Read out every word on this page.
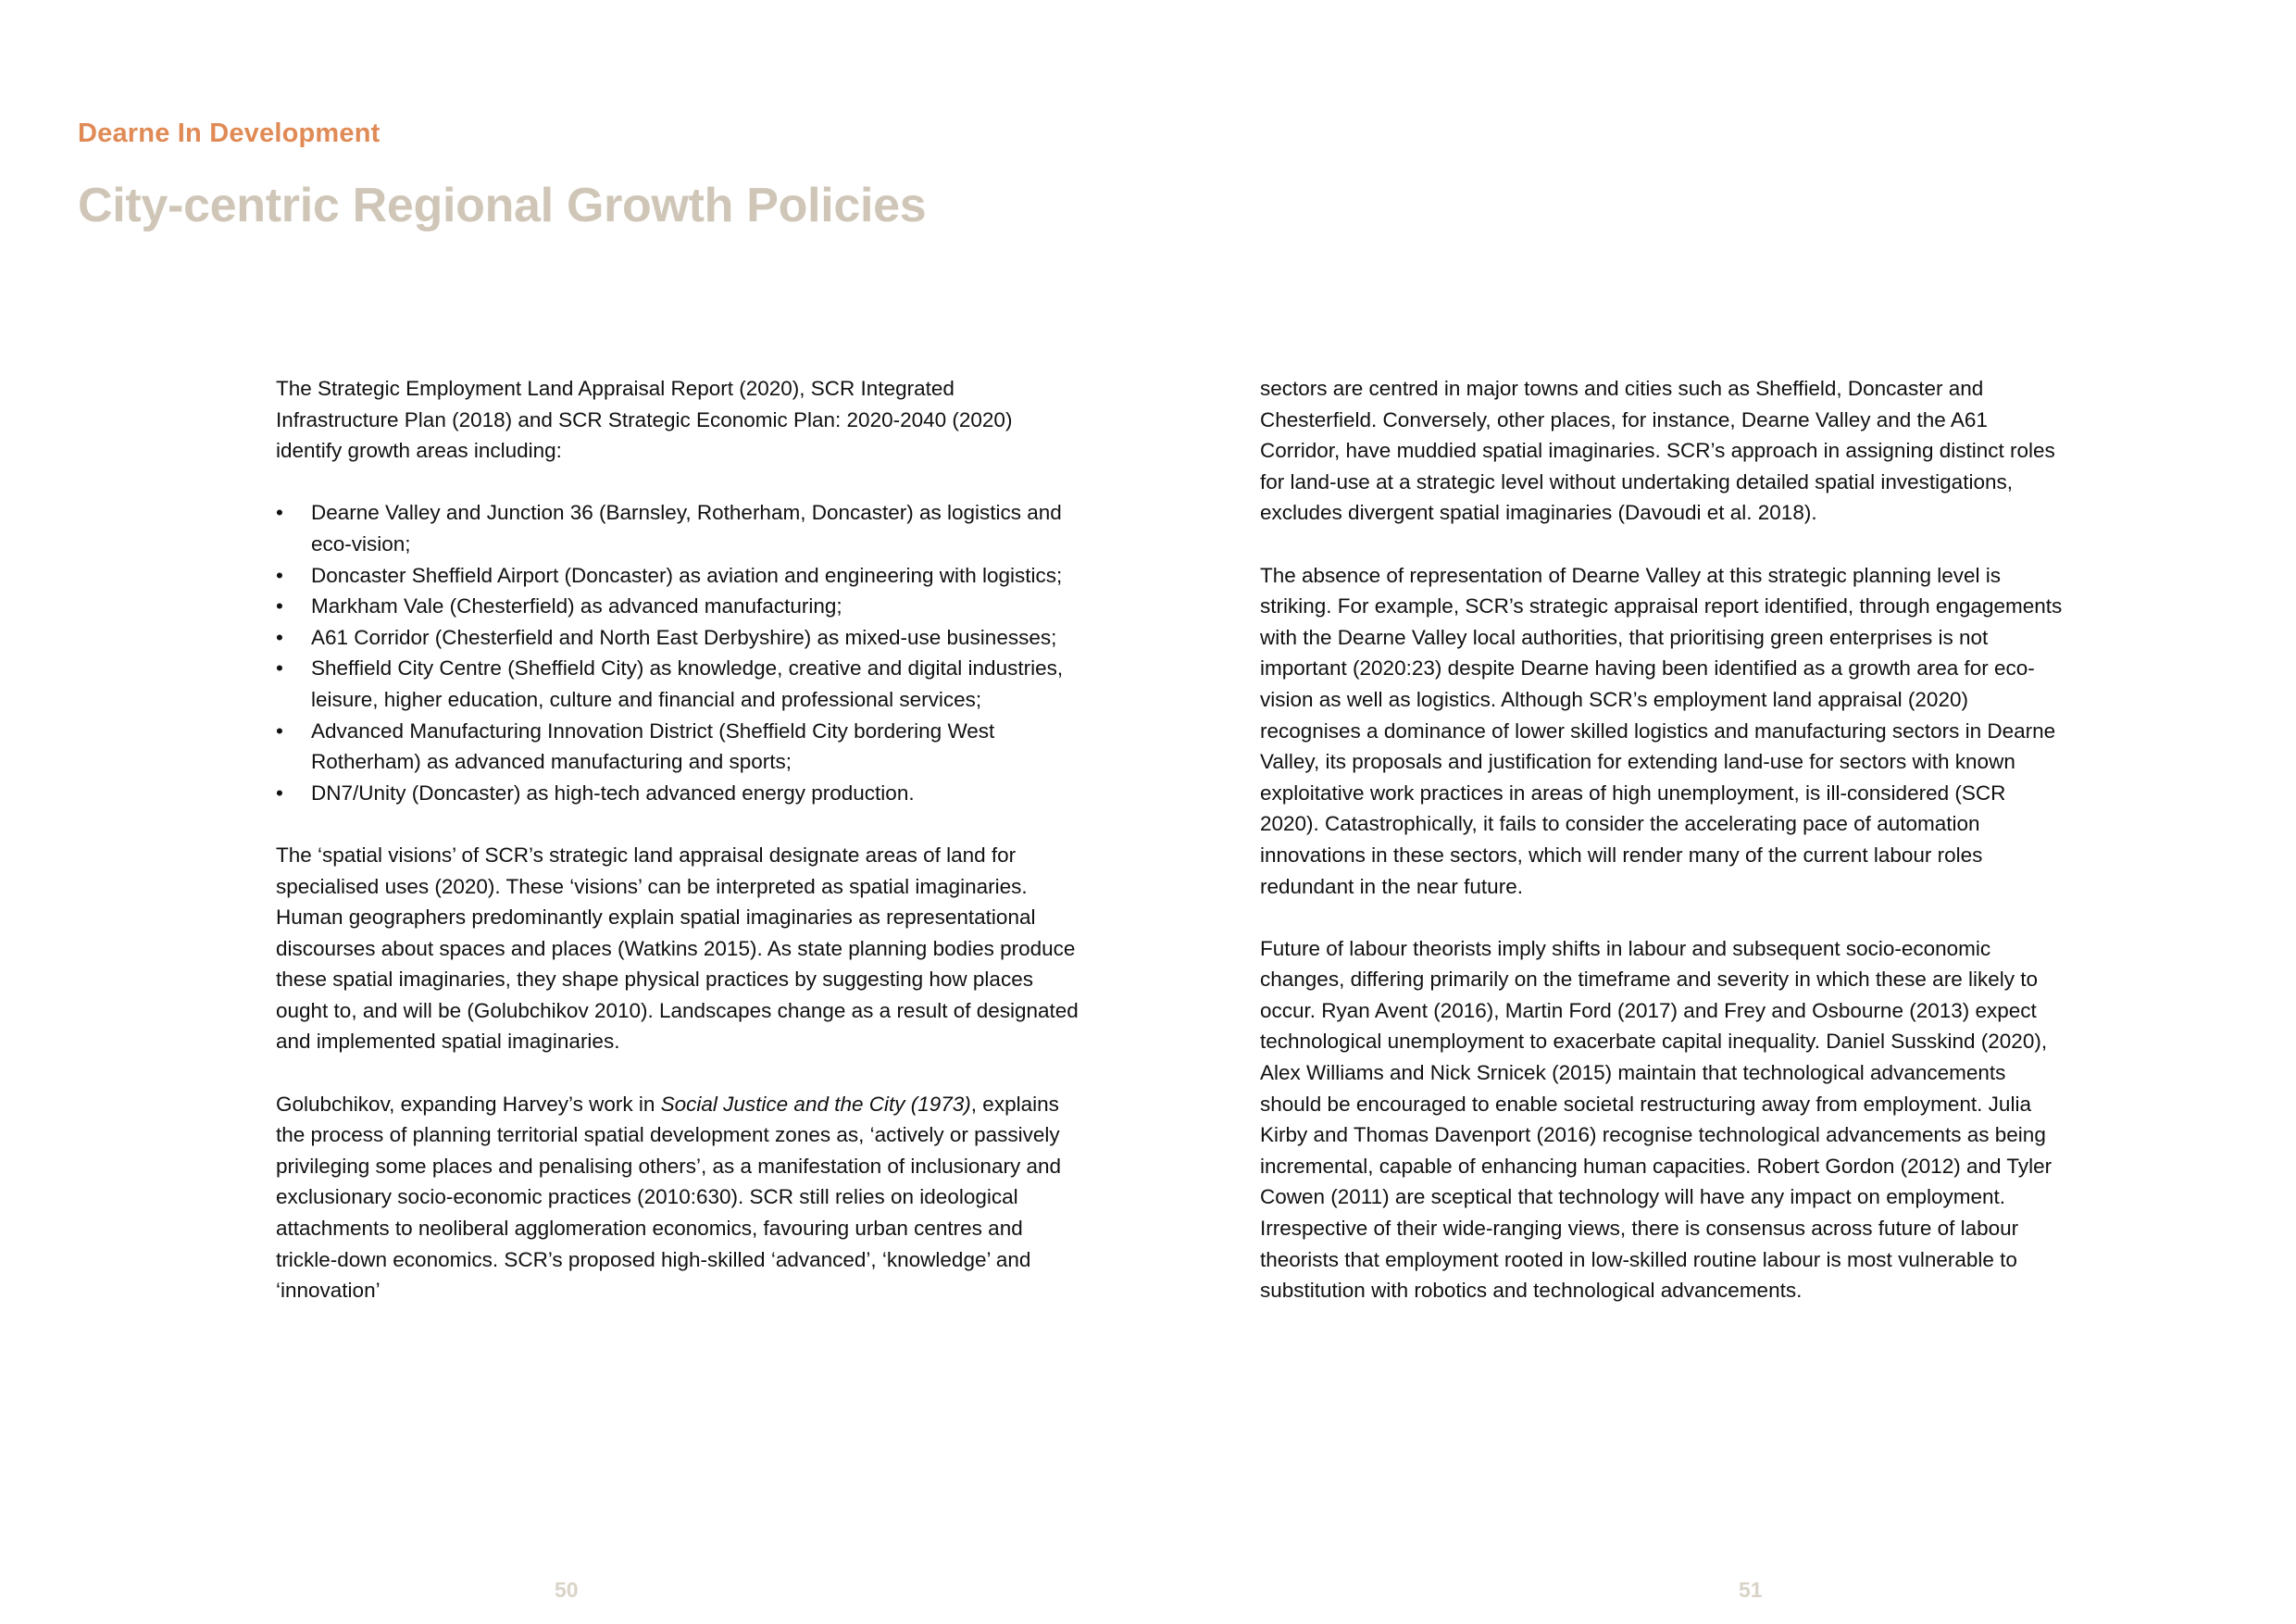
Dearne In Development
City-centric Regional Growth Policies

The Strategic Employment Land Appraisal Report (2020), SCR Integrated Infrastructure Plan (2018) and SCR Strategic Economic Plan: 2020-2040 (2020) identify growth areas including:

• Dearne Valley and Junction 36 (Barnsley, Rotherham, Doncaster) as logistics and eco-vision;
• Doncaster Sheffield Airport (Doncaster) as aviation and engineering with logistics;
• Markham Vale (Chesterfield) as advanced manufacturing;
• A61 Corridor (Chesterfield and North East Derbyshire) as mixed-use businesses;
• Sheffield City Centre (Sheffield City) as knowledge, creative and digital industries, leisure, higher education, culture and financial and professional services;
• Advanced Manufacturing Innovation District (Sheffield City bordering West Rotherham) as advanced manufacturing and sports;
• DN7/Unity (Doncaster) as high-tech advanced energy production.

The ‘spatial visions’ of SCR’s strategic land appraisal designate areas of land for specialised uses (2020). These ‘visions’ can be interpreted as spatial imaginaries. Human geographers predominantly explain spatial imaginaries as representational discourses about spaces and places (Watkins 2015). As state planning bodies produce these spatial imaginaries, they shape physical practices by suggesting how places ought to, and will be (Golubchikov 2010). Landscapes change as a result of designated and implemented spatial imaginaries.

Golubchikov, expanding Harvey’s work in Social Justice and the City (1973), explains the process of planning territorial spatial development zones as, ‘actively or passively privileging some places and penalising others’, as a manifestation of inclusionary and exclusionary socio-economic practices (2010:630). SCR still relies on ideological attachments to neoliberal agglomeration economics, favouring urban centres and trickle-down economics. SCR’s proposed high-skilled ‘advanced’, ‘knowledge’ and ‘innovation’

sectors are centred in major towns and cities such as Sheffield, Doncaster and Chesterfield. Conversely, other places, for instance, Dearne Valley and the A61 Corridor, have muddied spatial imaginaries. SCR’s approach in assigning distinct roles for land-use at a strategic level without undertaking detailed spatial investigations, excludes divergent spatial imaginaries (Davoudi et al. 2018).

The absence of representation of Dearne Valley at this strategic planning level is striking. For example, SCR’s strategic appraisal report identified, through engagements with the Dearne Valley local authorities, that prioritising green enterprises is not important (2020:23) despite Dearne having been identified as a growth area for eco-vision as well as logistics. Although SCR’s employment land appraisal (2020) recognises a dominance of lower skilled logistics and manufacturing sectors in Dearne Valley, its proposals and justification for extending land-use for sectors with known exploitative work practices in areas of high unemployment, is ill-considered (SCR 2020). Catastrophically, it fails to consider the accelerating pace of automation innovations in these sectors, which will render many of the current labour roles redundant in the near future.

Future of labour theorists imply shifts in labour and subsequent socio-economic changes, differing primarily on the timeframe and severity in which these are likely to occur. Ryan Avent (2016), Martin Ford (2017) and Frey and Osbourne (2013) expect technological unemployment to exacerbate capital inequality. Daniel Susskind (2020), Alex Williams and Nick Srnicek (2015) maintain that technological advancements should be encouraged to enable societal restructuring away from employment. Julia Kirby and Thomas Davenport (2016) recognise technological advancements as being incremental, capable of enhancing human capacities. Robert Gordon (2012) and Tyler Cowen (2011) are sceptical that technology will have any impact on employment. Irrespective of their wide-ranging views, there is consensus across future of labour theorists that employment rooted in low-skilled routine labour is most vulnerable to substitution with robotics and technological advancements.

50	51
